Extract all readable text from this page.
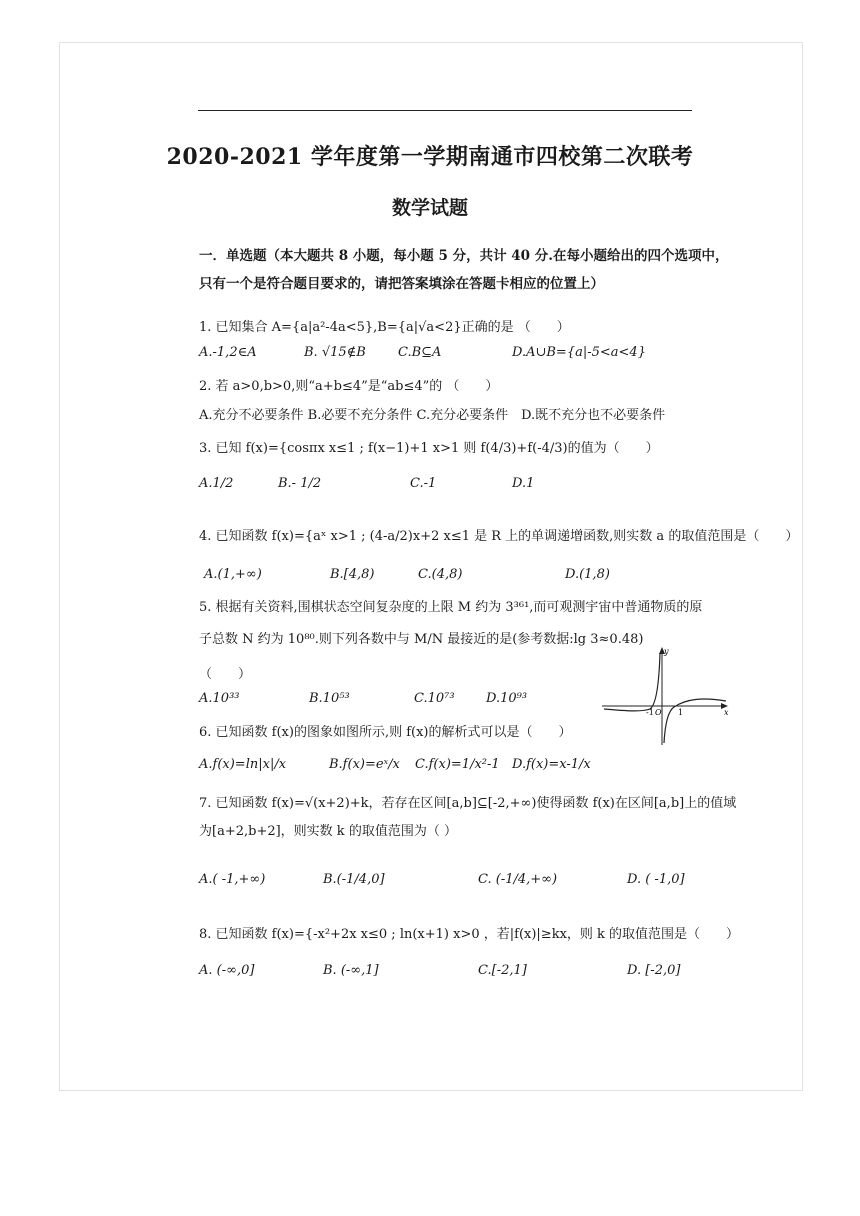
2020-2021 学年度第一学期南通市四校第二次联考
数学试题
一．单选题（本大题共 8 小题，每小题 5 分，共计 40 分.在每小题给出的四个选项中，
只有一个是符合题目要求的，请把答案填涂在答题卡相应的位置上）
1. 已知集合 A={a|a²-4a<5},B={a|√a<2}正确的是 （　　）
A.-1,2∈A	B. √15∉B C.B⊆A	D.A∪B={a|-5<a<4}
2. 若 a>0,b>0,则“a+b≤4”是“ab≤4”的 （　　）
A.充分不必要条件 B.必要不充分条件 C.充分必要条件　D.既不充分也不必要条件
3. 已知 f(x)={cosπx x≤1 ; f(x−1)+1 x>1 则 f(4/3)+f(-4/3)的值为（　　）
A.1/2	B.- 1/2	C.-1	D.1
4. 已知函数 f(x)={aˣ x>1 ; (4-a/2)x+2 x≤1 是 R 上的单调递增函数,则实数 a 的取值范围是（　　）
A.(1,+∞)	B.[4,8)	C.(4,8)	D.(1,8)
5. 根据有关资料,围棋状态空间复杂度的上限 M 约为 3³⁶¹,而可观测宇宙中普通物质的原
子总数 N 约为 10⁸⁰.则下列各数中与 M/N 最接近的是(参考数据:lg 3≈0.48)
（　　）
A.10³³	B.10⁵³	C.10⁷³ D.10⁹³
y
x
-1 O 1
6. 已知函数 f(x)的图象如图所示,则 f(x)的解析式可以是（　　）
A.f(x)=ln|x|/x	B.f(x)=eˣ/x C.f(x)=1/x²-1 D.f(x)=x-1/x
7. 已知函数 f(x)=√(x+2)+k，若存在区间[a,b]⊆[-2,+∞)使得函数 f(x)在区间[a,b]上的值域
为[a+2,b+2]，则实数 k 的取值范围为（ ）
A.( -1,+∞)	B.(-1/4,0]	C. (-1/4,+∞)	D. ( -1,0]
8. 已知函数 f(x)={-x²+2x x≤0 ; ln(x+1) x>0 ，若|f(x)|≥kx，则 k 的取值范围是（　　）
A. (-∞,0]	B. (-∞,1]	C.[-2,1]	D. [-2,0]
